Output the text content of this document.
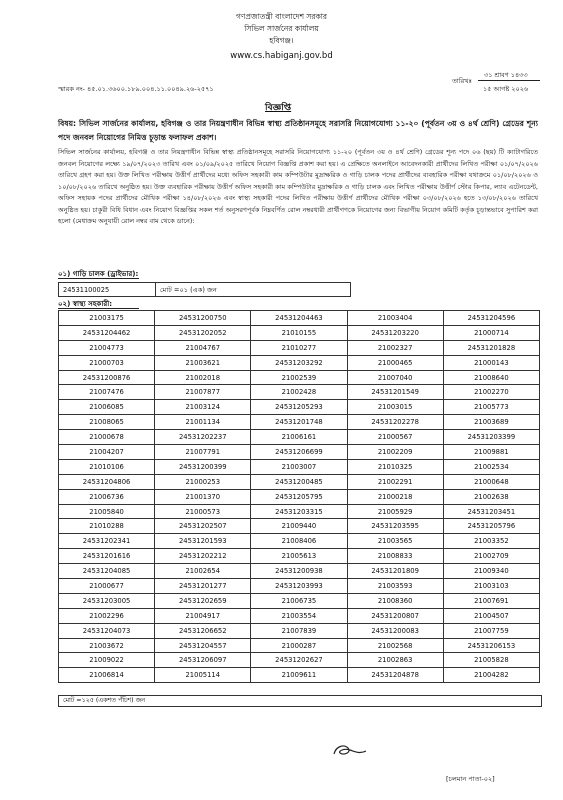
গণপ্রজাতন্ত্রী বাংলাদেশ সরকার
সিভিল সার্জনের কার্যালয়
হবিগঞ্জ।
www.cs.habiganj.gov.bd
স্মারক নং- ৪৫.০১.৩৬০০.১৮৯.০০৪.১১.০০৪৯.২৬-২৫৭১
তারিখঃ
৩১ শ্রাবণ ১৪৩৩
১৫ আগষ্ট ২০২৬
বিজ্ঞপ্তি
বিষয়: সিভিল সার্জনের কার্যালয়, হবিগঞ্জ ও তার নিয়ন্ত্রণাধীন বিভিন্ন স্বাস্থ্য প্রতিষ্ঠানসমূহে সরাসরি নিয়োগযোগ্য ১১-২০ (পূর্বতন ৩য় ও ৪র্থ শ্রেণি) গ্রেডের শূন্য পদে জনবল নিয়োগের নিমিত্ত চূড়ান্ত ফলাফল প্রকাশ।
সিভিল সার্জনের কার্যালয়, হবিগঞ্জ ও তার নিয়ন্ত্রণাধীন বিভিন্ন স্বাস্থ্য প্রতিষ্ঠানসমূহে সরাসরি নিয়োগযোগ্য ১১-২০ (পূর্বতন ৩য় ও ৪র্থ শ্রেণি) গ্রেডের শূন্য পদে ০৬ (ছয়) টি ক্যাটাগরিতে জনবল নিয়োগের লক্ষ্যে ১৯/০৭/২০২৩ তারিখ এবং ০১/০৯/২০২৫ তারিখে নিয়োগ বিজ্ঞপ্তি প্রকাশ করা হয়। এ প্রেক্ষিতে অনলাইনে আবেদনকারী প্রার্থীদের লিখিত পরীক্ষা ০১/০৭/২০২৬ তারিখে গ্রহণ করা হয়। উক্ত লিখিত পরীক্ষায় উত্তীর্ণ প্রার্থীদের মধ্যে অফিস সহকারী কাম কম্পিউটার মুদ্রাক্ষরিক ও গাড়ি চালক পদের প্রার্থীদের ব্যবহারিক পরীক্ষা যথাক্রমে ০১/০৮/২০২৬ ও ১০/০৮/২০২৬ তারিখে অনুষ্ঠিত হয়। উক্ত ব্যবহারিক পরীক্ষায় উত্তীর্ণ অফিস সহকারী কাম কম্পিউটার মুদ্রাক্ষরিক ও গাড়ি চালক এবং লিখিত পরীক্ষায় উত্তীর্ণ স্টোর কিপার, ল্যাব এটেনডেন্ট, অফিস সহায়ক পদের প্রার্থীদের মৌখিক পরীক্ষা ১৪/০৮/২০২৬ এবং স্বাস্থ্য সহকারী পদের লিখিত পরীক্ষায় উত্তীর্ণ প্রার্থীদের মৌখিক পরীক্ষা ০৩/০৮/২০২৬ হতে ১৩/০৮/২০২৬ তারিখে অনুষ্ঠিত হয়। চাকুরী বিধি বিধান এবং নিয়োগ বিজ্ঞপ্তির সকল শর্ত অনুসরণপূর্বক নিম্নবর্ণিত রোল নম্বরধারী প্রার্থীগণকে নিয়োগের জন্য বিভাগীয় নিয়োগ কমিটি কর্তৃক চূড়ান্তভাবে সুপারিশ করা হলো (মেধাক্রম অনুযায়ী রোল নম্বর বাম থেকে ডানে):
০১) গাড়ি চালক (ড্রাইভার):
24531100025	মোট =০১ (এক) জন
০২) স্বাস্থ্য সহকারী:
21003175	24531200750	24531204463	21003404	24531204596
24531204462	24531202052	21010155	24531203220	21000714
21004773	21004767	21010277	21002327	24531201828
21000703	21003621	24531203292	21000465	21000143
24531200876	21002018	21002539	21007040	21008640
21007476	21007877	21002428	24531201549	21002270
21006085	21003124	24531205293	21003015	21005773
21008065	21001134	24531201748	24531202278	21003689
21000678	24531202237	21006161	21000567	24531203399
21004207	21007791	24531206699	21002209	21009881
21010106	24531200399	21003007	21010325	21002534
24531204806	21000253	24531200485	21002291	21000648
21006736	21001370	24531205795	21000218	21002638
21005840	21000573	24531203315	21005929	24531203451
21010288	24531202507	21009440	24531203595	24531205796
24531202341	24531201593	21008406	21003565	21003352
24531201616	24531202212	21005613	21008833	21002709
24531204085	21002654	24531200938	24531201809	21009340
21000677	24531201277	24531203993	21003593	21003103
24531203005	24531202659	21006735	21008360	21007691
21002296	21004917	21003554	24531200807	21004507
24531204073	24531206652	21007839	24531200083	21007759
21003672	24531204557	21000287	21002568	24531206153
21009022	24531206097	24531202627	21002863	21005828
21006814	21005114	21009611	24531204878	21004282
মোট =১২৫ (একশত পঁচিশ) জন
[চলমান পাতা-০২]
